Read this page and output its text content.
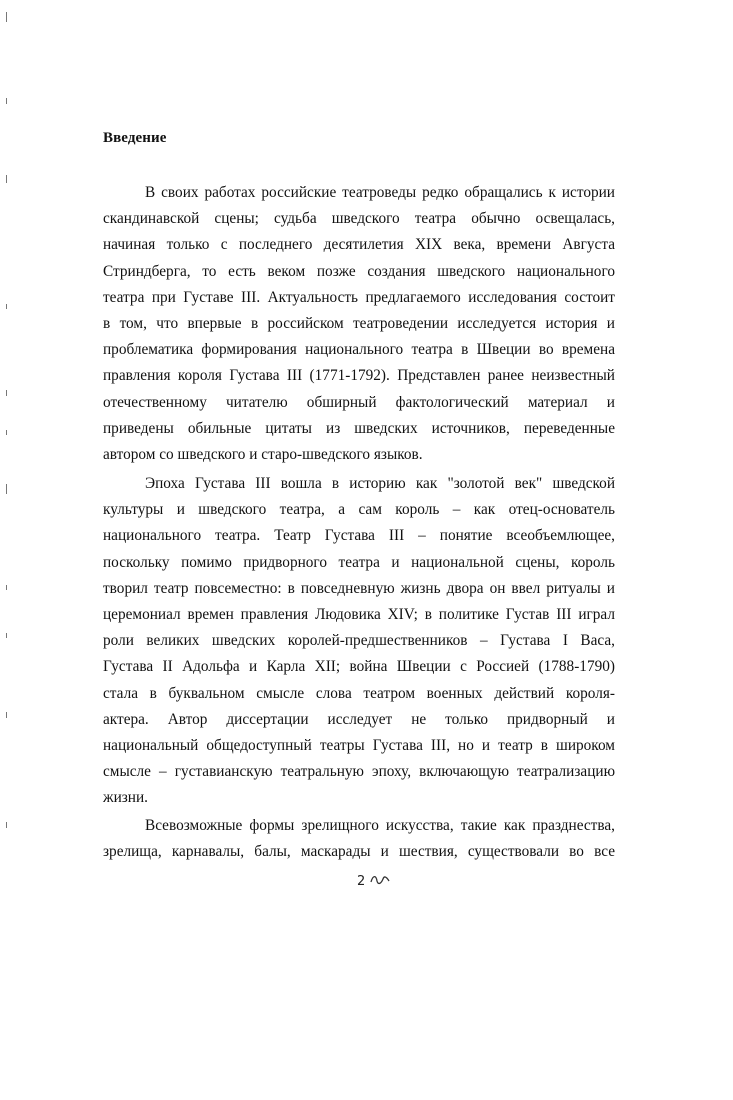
Введение
В своих работах российские театроведы редко обращались к истории
скандинавской сцены; судьба шведского театра обычно освещалась,
начиная только с последнего десятилетия XIX века, времени Августа
Стриндберга, то есть веком позже создания шведского национального
театра при Густаве III. Актуальность предлагаемого исследования состоит
в том, что впервые в российском театроведении исследуется история и
проблематика формирования национального театра в Швеции во времена
правления короля Густава III (1771-1792). Представлен ранее неизвестный
отечественному читателю обширный фактологический материал и
приведены обильные цитаты из шведских источников, переведенные
автором со шведского и старо-шведского языков.
Эпоха Густава III вошла в историю как "золотой век" шведской
культуры и шведского театра, а сам король – как отец-основатель
национального театра. Театр Густава III – понятие всеобъемлющее,
поскольку помимо придворного театра и национальной сцены, король
творил театр повсеместно: в повседневную жизнь двора он ввел ритуалы и
церемониал времен правления Людовика XIV; в политике Густав III играл
роли великих шведских королей-предшественников – Густава I Васа,
Густава II Адольфа и Карла XII; война Швеции с Россией (1788-1790)
стала в буквальном смысле слова театром военных действий короля-
актера. Автор диссертации исследует не только придворный и
национальный общедоступный театры Густава III, но и театр в широком
смысле – густавианскую театральную эпоху, включающую театрализацию
жизни.
Всевозможные формы зрелищного искусства, такие как празднества,
зрелища, карнавалы, балы, маскарады и шествия, существовали во все
2
